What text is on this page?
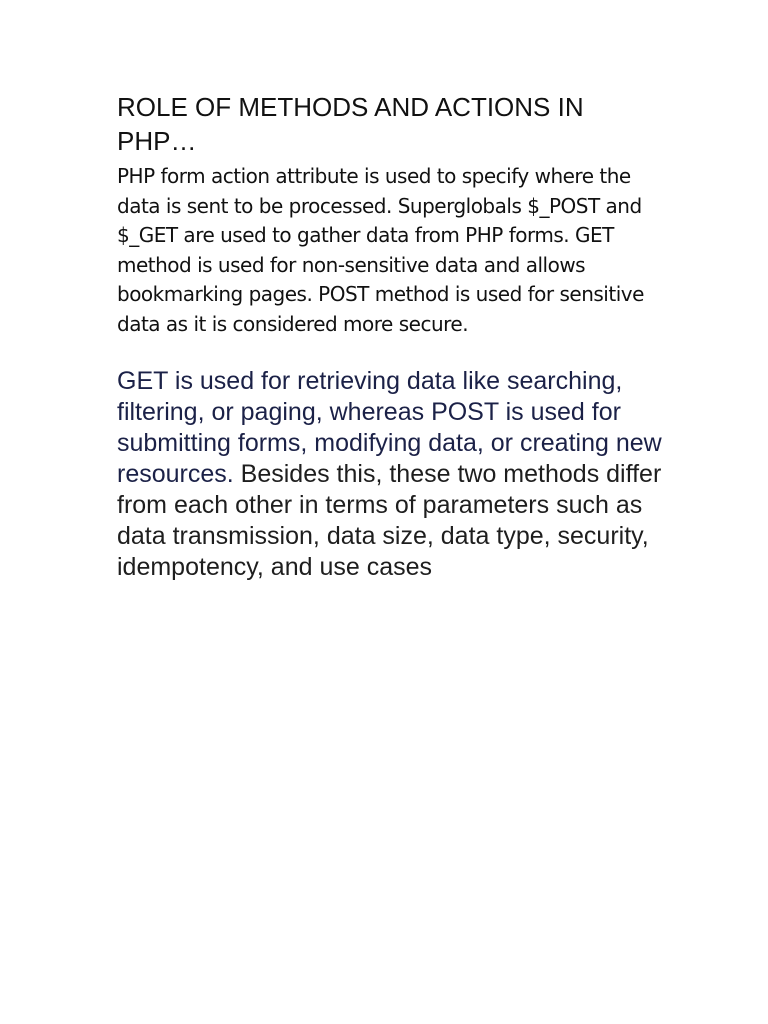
ROLE OF METHODS AND ACTIONS IN PHP…

PHP form action attribute is used to specify where the data is sent to be processed. Superglobals $_POST and $_GET are used to gather data from PHP forms. GET method is used for non-sensitive data and allows bookmarking pages. POST method is used for sensitive data as it is considered more secure.

GET is used for retrieving data like searching, filtering, or paging, whereas POST is used for submitting forms, modifying data, or creating new resources. Besides this, these two methods differ from each other in terms of parameters such as data transmission, data size, data type, security, idempotency, and use cases
